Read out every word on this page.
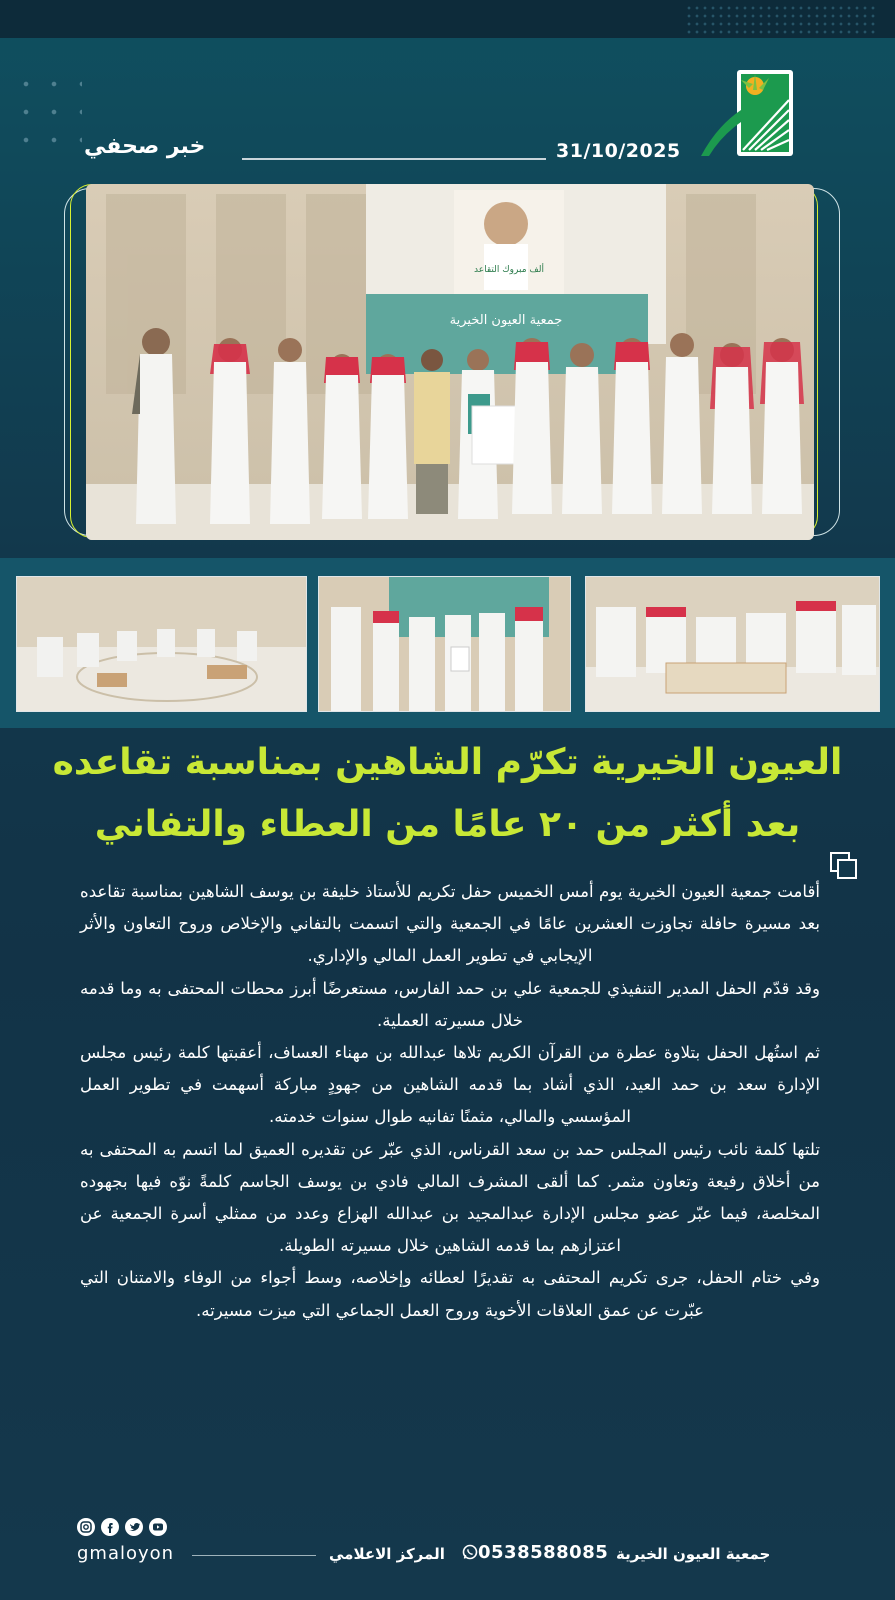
31/10/2025
خبر صحفي
ألف مبروك التقاعد
جمعية العيون الخيرية
العيون الخيرية تكرّم الشاهين بمناسبة تقاعده
بعد أكثر من ٢٠ عامًا من العطاء والتفاني

أقامت جمعية العيون الخيرية يوم أمس الخميس حفل تكريم للأستاذ خليفة بن يوسف الشاهين بمناسبة تقاعده بعد مسيرة حافلة تجاوزت العشرين عامًا في الجمعية والتي اتسمت بالتفاني والإخلاص وروح التعاون والأثر الإيجابي في تطوير العمل المالي والإداري.

وقد قدّم الحفل المدير التنفيذي للجمعية علي بن حمد الفارس، مستعرضًا أبرز محطات المحتفى به وما قدمه خلال مسيرته العملية.

ثم استُهل الحفل بتلاوة عطرة من القرآن الكريم تلاها عبدالله بن مهناء العساف، أعقبتها كلمة رئيس مجلس الإدارة سعد بن حمد العيد، الذي أشاد بما قدمه الشاهين من جهودٍ مباركة أسهمت في تطوير العمل المؤسسي والمالي، مثمنًا تفانيه طوال سنوات خدمته.

تلتها كلمة نائب رئيس المجلس حمد بن سعد القرناس، الذي عبّر عن تقديره العميق لما اتسم به المحتفى به من أخلاق رفيعة وتعاون مثمر. كما ألقى المشرف المالي فادي بن يوسف الجاسم كلمةً نوّه فيها بجهوده المخلصة، فيما عبّر عضو مجلس الإدارة عبدالمجيد بن عبدالله الهزاع وعدد من ممثلي أسرة الجمعية عن اعتزازهم بما قدمه الشاهين خلال مسيرته الطويلة.

وفي ختام الحفل، جرى تكريم المحتفى به تقديرًا لعطائه وإخلاصه، وسط أجواء من الوفاء والامتنان التي عبّرت عن عمق العلاقات الأخوية وروح العمل الجماعي التي ميزت مسيرته.

gmaloyon	المركز الاعلامي 0538588085 جمعية العيون الخيرية
